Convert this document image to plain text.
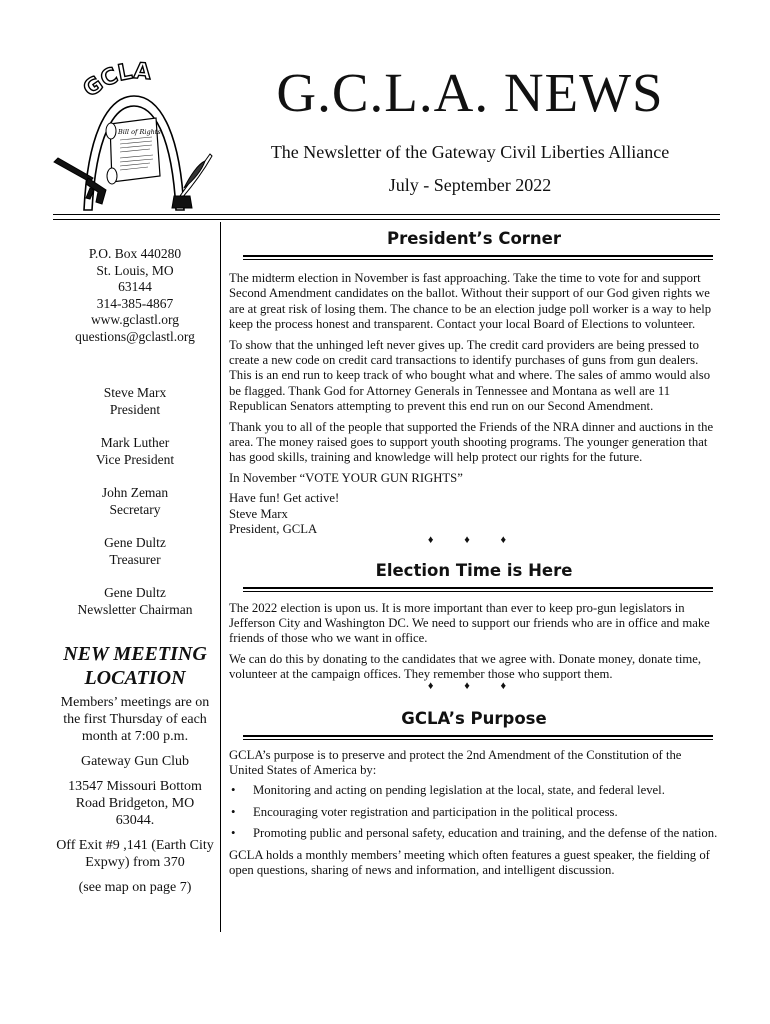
GCLA
Bill of Rights
G.C.L.A. NEWS
The Newsletter of the Gateway Civil Liberties Alliance
July - September 2022
P.O. Box 440280
St. Louis, MO
63144
314-385-4867
www.gclastl.org
questions@gclastl.org
Steve Marx
President
Mark Luther
Vice President
John Zeman
Secretary
Gene Dultz
Treasurer
Gene Dultz
Newsletter Chairman
NEW MEETING
LOCATION

Members’ meetings are on the first Thursday of each month at 7:00 p.m.

Gateway Gun Club

13547 Missouri Bottom Road Bridgeton, MO 63044.

Off Exit #9 ,141 (Earth City Expwy) from 370

(see map on page 7)

President’s Corner

The midterm election in November is fast approaching. Take the time to vote for and support Second Amendment candidates on the ballot. Without their support of our God given rights we are at great risk of losing them. The chance to be an election judge poll worker is a way to help keep the process honest and transparent. Contact your local Board of Elections to volunteer.

To show that the unhinged left never gives up. The credit card providers are being pressed to create a new code on credit card transactions to identify purchases of guns from gun dealers. This is an end run to keep track of who bought what and where. The sales of ammo would also be flagged. Thank God for Attorney Generals in Tennessee and Montana as well are 11 Republican Senators attempting to prevent this end run on our Second Amendment.

Thank you to all of the people that supported the Friends of the NRA dinner and auctions in the area. The money raised goes to support youth shooting programs. The younger generation that has good skills, training and knowledge will help protect our rights for the future.

In November “VOTE YOUR GUN RIGHTS”

Have fun! Get active!
Steve Marx
President, GCLA

♦ ♦ ♦

Election Time is Here

The 2022 election is upon us. It is more important than ever to keep pro-gun legislators in Jefferson City and Washington DC. We need to support our friends who are in office and make friends of those who we want in office.

We can do this by donating to the candidates that we agree with. Donate money, donate time, volunteer at the campaign offices. They remember those who support them.

♦ ♦ ♦

GCLA’s Purpose

GCLA’s purpose is to preserve and protect the 2nd Amendment of the Constitution of the United States of America by:

• Monitoring and acting on pending legislation at the local, state, and federal level.
• Encouraging voter registration and participation in the political process.
• Promoting public and personal safety, education and training, and the defense of the nation.

GCLA holds a monthly members’ meeting which often features a guest speaker, the fielding of open questions, sharing of news and information, and intelligent discussion.
